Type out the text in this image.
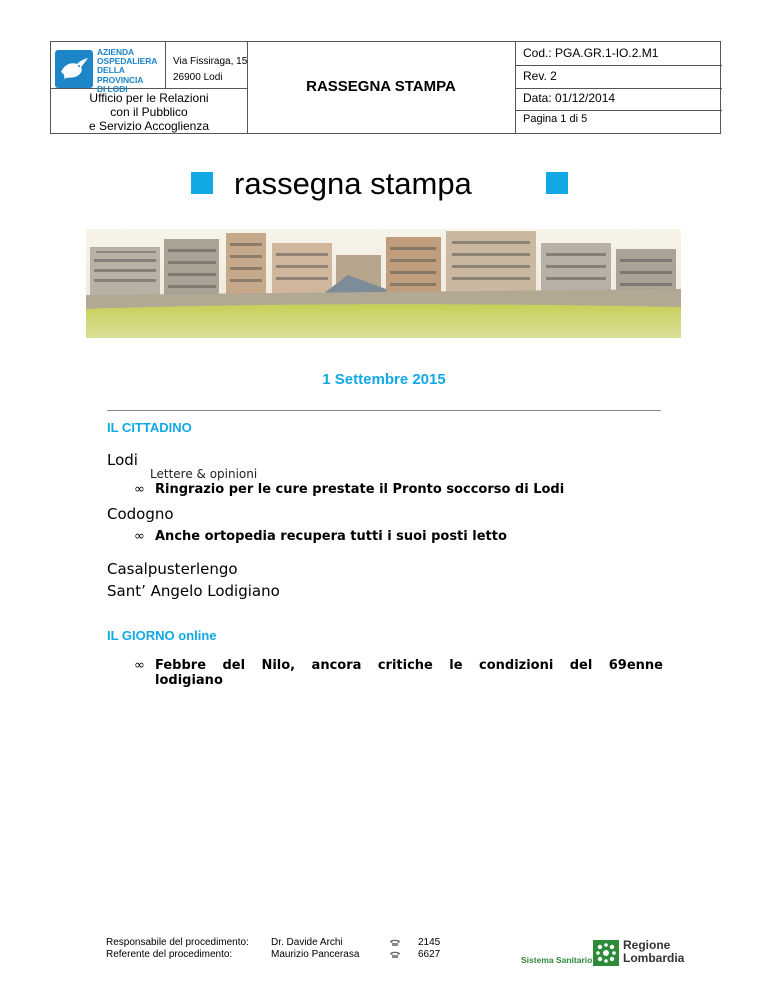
AZIENDA
OSPEDALIERA
DELLA
PROVINCIA
DI LODI
Via Fissiraga, 15
26900 Lodi
Ufficio per le Relazioni
con il Pubblico
e Servizio Accoglienza
RASSEGNA STAMPA
Cod.: PGA.GR.1-IO.2.M1
Rev. 2
Data: 01/12/2014
Pagina 1 di 5
rassegna stampa
1 Settembre 2015
IL CITTADINO
Lodi
Lettere & opinioni
∞ Ringrazio per le cure prestate il Pronto soccorso di Lodi
Codogno
∞ Anche ortopedia recupera tutti i suoi posti letto
Casalpusterlengo
Sant’ Angelo Lodigiano
IL GIORNO online
∞ Febbre del Nilo, ancora critiche le condizioni del 69enne lodigiano
Responsabile del procedimento:
Referente del procedimento:
Dr. Davide Archi
Maurizio Pancerasa
2145
6627	Sistema Sanitario
Regione
Lombardia
